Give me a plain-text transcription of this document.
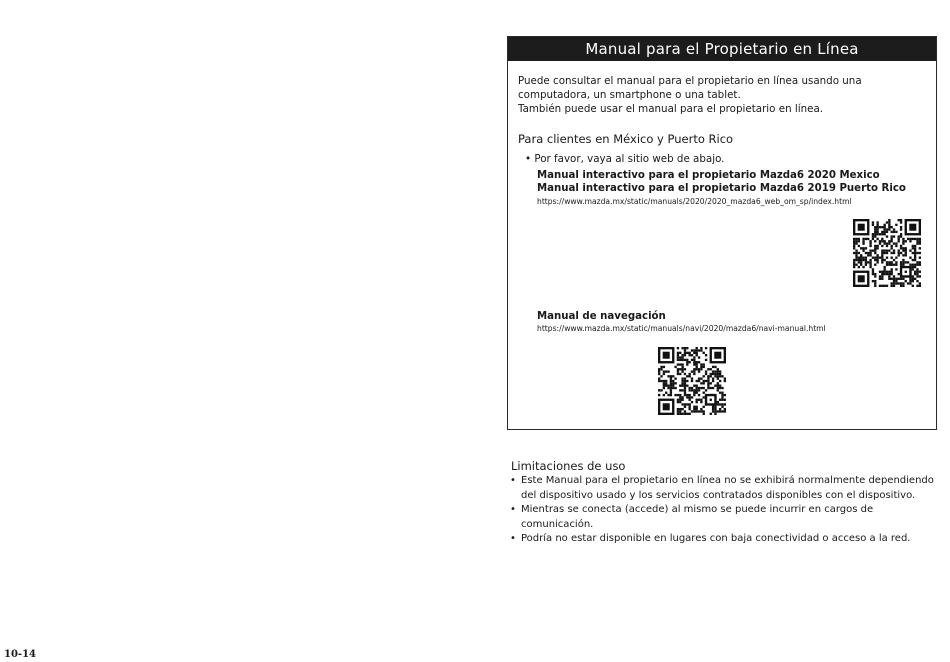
Manual para el Propietario en Línea

Puede consultar el manual para el propietario en línea usando una

computadora, un smartphone o una tablet.

También puede usar el manual para el propietario en línea.

Para clientes en México y Puerto Rico
• Por favor, vaya al sitio web de abajo.
Manual interactivo para el propietario Mazda6 2020 Mexico
Manual interactivo para el propietario Mazda6 2019 Puerto Rico
https://www.mazda.mx/static/manuals/2020/2020_mazda6_web_om_sp/index.html
Manual de navegación
https://www.mazda.mx/static/manuals/navi/2020/mazda6/navi-manual.html
Limitaciones de uso
• Este Manual para el propietario en línea no se exhibirá normalmente dependiendo del dispositivo usado y los servicios contratados disponibles con el dispositivo.
• Mientras se conecta (accede) al mismo se puede incurrir en cargos de comunicación.
• Podría no estar disponible en lugares con baja conectividad o acceso a la red.
10-14
